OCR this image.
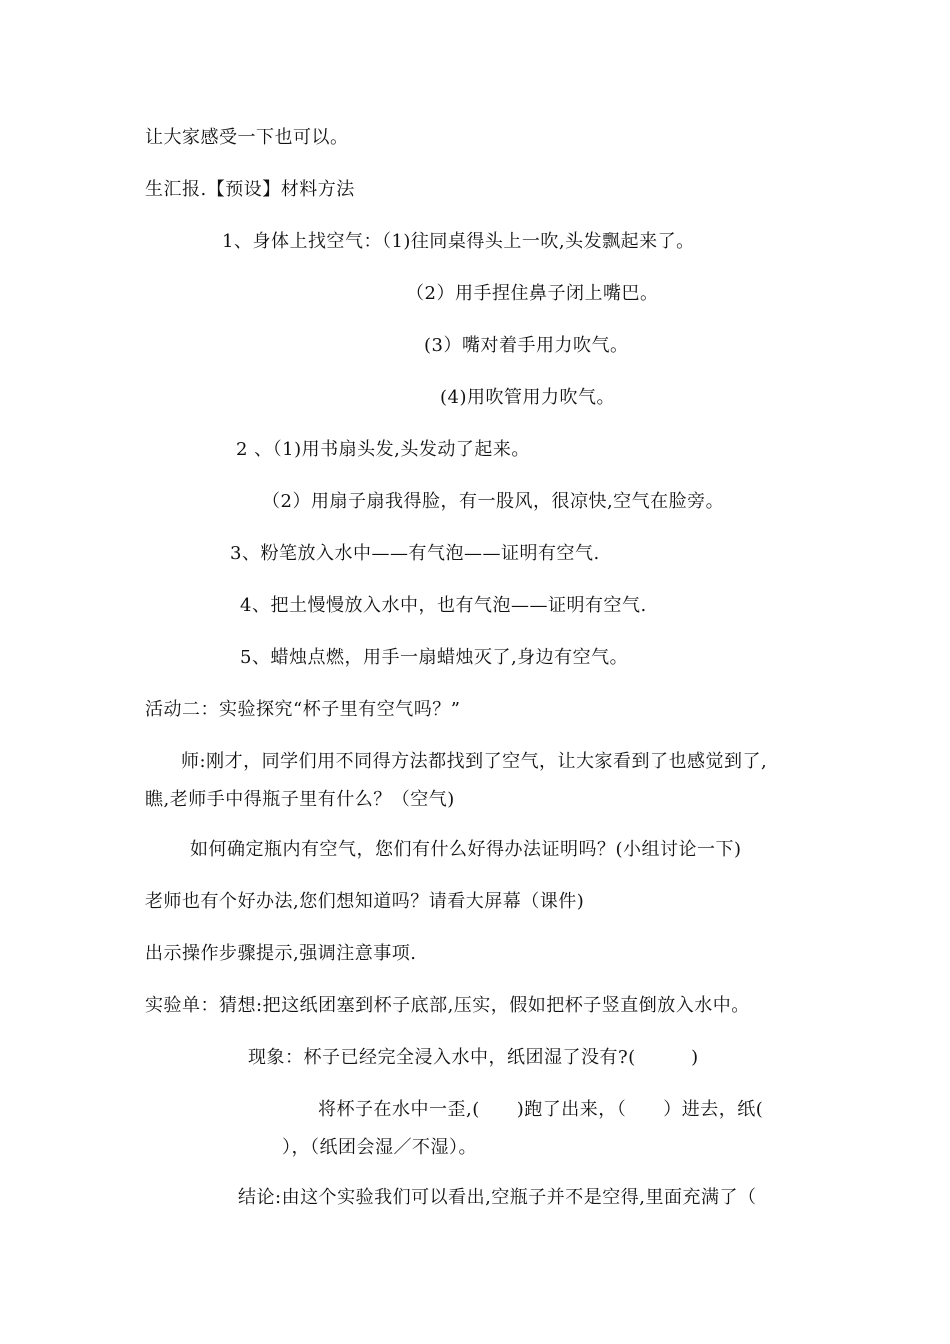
让大家感受一下也可以。
生汇报.【预设】材料方法
1、身体上找空气：（1)往同桌得头上一吹,头发飘起来了。
（2）用手捏住鼻子闭上嘴巴。
(3）嘴对着手用力吹气。
(4)用吹管用力吹气。
2 、（1)用书扇头发,头发动了起来。
（2）用扇子扇我得脸，有一股风，很凉快,空气在脸旁。
3、粉笔放入水中——有气泡——证明有空气.
4、把土慢慢放入水中，也有气泡——证明有空气.
5、蜡烛点燃，用手一扇蜡烛灭了,身边有空气。
活动二：实验探究“杯子里有空气吗？”
师:刚才，同学们用不同得方法都找到了空气，让大家看到了也感觉到了,
瞧,老师手中得瓶子里有什么？（空气)
如何确定瓶内有空气，您们有什么好得办法证明吗？(小组讨论一下)
老师也有个好办法,您们想知道吗？请看大屏幕（课件)
出示操作步骤提示,强调注意事项.
实验单：猜想:把这纸团塞到杯子底部,压实，假如把杯子竖直倒放入水中。
现象：杯子已经完全浸入水中，纸团湿了没有?(　　　)
将杯子在水中一歪,(　　)跑了出来，（　　）进去，纸(
），（纸团会湿／不湿）。
结论:由这个实验我们可以看出,空瓶子并不是空得,里面充满了（
